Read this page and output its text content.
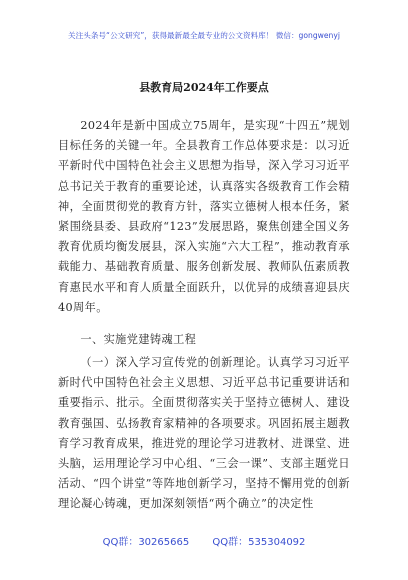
关注头条号“公文研究”，获得最新最全最专业的公文资料库！ 微信：gongwenyj
县教育局2024年工作要点
2024年是新中国成立75周年，是实现“十四五”规划目标任务的关键一年。全县教育工作总体要求是：以习近平新时代中国特色社会主义思想为指导，深入学习习近平总书记关于教育的重要论述，认真落实各级教育工作会精神，全面贯彻党的教育方针，落实立德树人根本任务，紧紧围绕县委、县政府“123”发展思路，聚焦创建全国义务教育优质均衡发展县，深入实施“六大工程”，推动教育承载能力、基础教育质量、服务创新发展、教师队伍素质教育惠民水平和育人质量全面跃升，以优异的成绩喜迎县庆40周年。
一、实施党建铸魂工程
（一）深入学习宣传党的创新理论。认真学习习近平新时代中国特色社会主义思想、习近平总书记重要讲话和重要指示、批示。全面贯彻落实关于坚持立德树人、建设教育强国、弘扬教育家精神的各项要求。巩固拓展主题教育学习教育成果，推进党的理论学习进教材、进课堂、进头脑，运用理论学习中心组、“三会一课”、支部主题党日活动、“四个讲堂”等阵地创新学习，坚持不懈用党的创新理论凝心铸魂，更加深刻领悟“两个确立”的决定性
QQ群：30265665 QQ群：535304092
